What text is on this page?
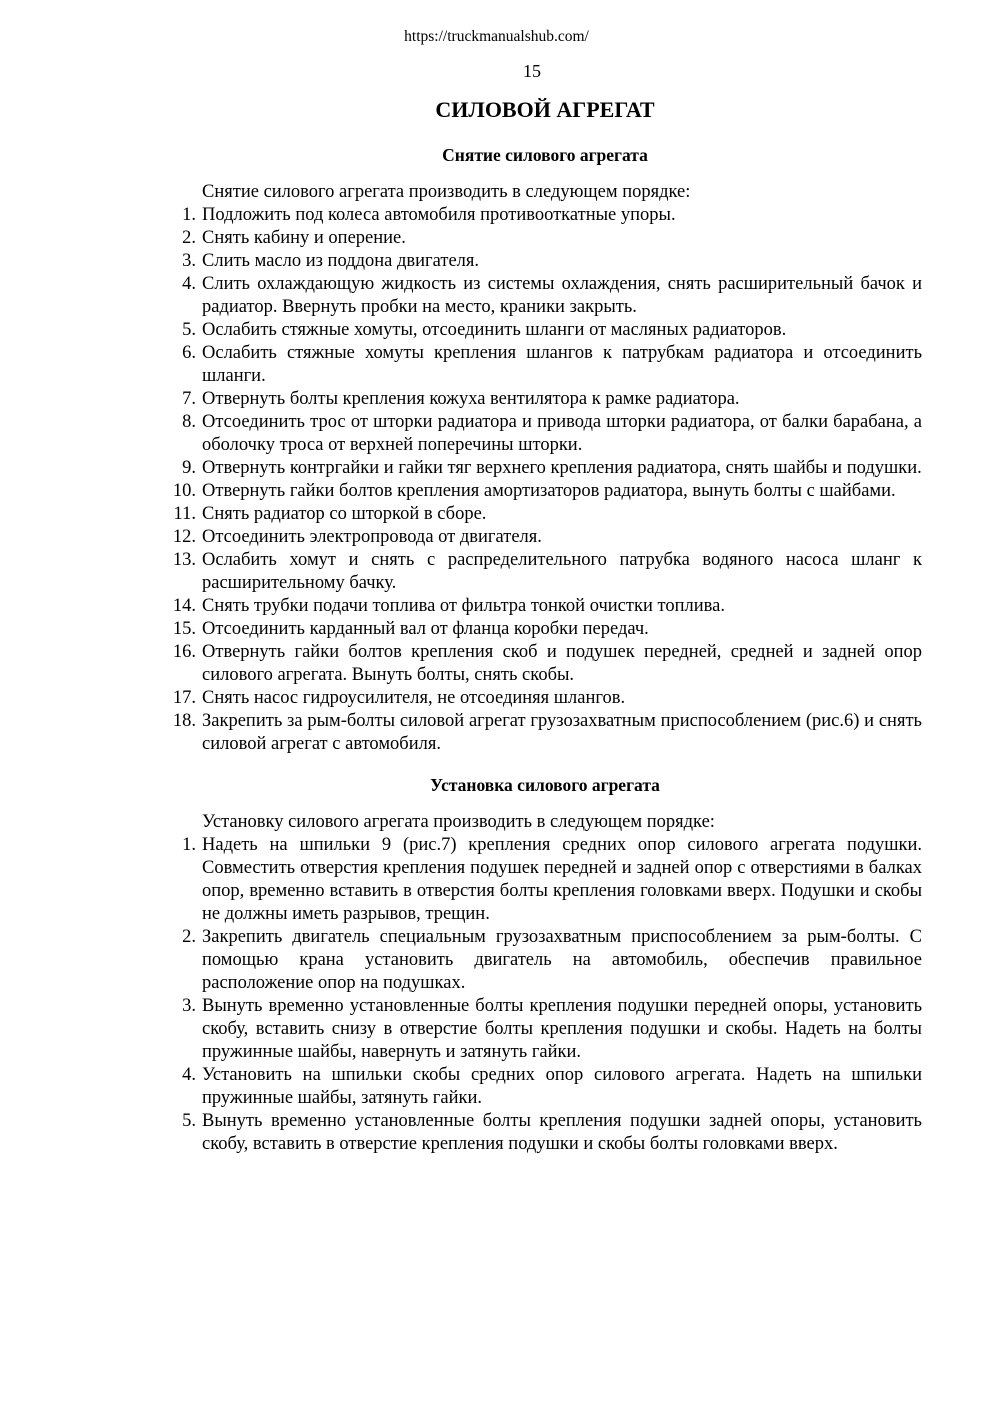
https://truckmanualshub.com/
15
СИЛОВОЙ АГРЕГАТ
Снятие силового агрегата

Снятие силового агрегата производить в следующем порядке:

1. Подложить под колеса автомобиля противооткатные упоры.
2. Снять кабину и оперение.
3. Слить масло из поддона двигателя.
4. Слить охлаждающую жидкость из системы охлаждения, снять расширительный бачок и радиатор. Ввернуть пробки на место, краники закрыть.
5. Ослабить стяжные хомуты, отсоединить шланги от масляных радиаторов.
6. Ослабить стяжные хомуты крепления шлангов к патрубкам радиатора и отсоединить шланги.
7. Отвернуть болты крепления кожуха вентилятора к рамке радиатора.
8. Отсоединить трос от шторки радиатора и привода шторки радиатора, от балки барабана, а оболочку троса от верхней поперечины шторки.
9. Отвернуть контргайки и гайки тяг верхнего крепления радиатора, снять шайбы и подушки.
10. Отвернуть гайки болтов крепления амортизаторов радиатора, вынуть болты с шайбами.
11. Снять радиатор со шторкой в сборе.
12. Отсоединить электропровода от двигателя.
13. Ослабить хомут и снять с распределительного патрубка водяного насоса шланг к расширительному бачку.
14. Снять трубки подачи топлива от фильтра тонкой очистки топлива.
15. Отсоединить карданный вал от фланца коробки передач.
16. Отвернуть гайки болтов крепления скоб и подушек передней, средней и задней опор силового агрегата. Вынуть болты, снять скобы.
17. Снять насос гидроусилителя, не отсоединяя шлангов.
18. Закрепить за рым-болты силовой агрегат грузозахватным приспособлением (рис.6) и снять силовой агрегат с автомобиля.
Установка силового агрегата

Установку силового агрегата производить в следующем порядке:

1. Надеть на шпильки 9 (рис.7) крепления средних опор силового агрегата подушки. Совместить отверстия крепления подушек передней и задней опор с отверстиями в балках опор, временно вставить в отверстия болты крепления головками вверх. Подушки и скобы не должны иметь разрывов, трещин.
2. Закрепить двигатель специальным грузозахватным приспособлением за рым-болты. С помощью крана установить двигатель на автомобиль, обеспечив правильное расположение опор на подушках.
3. Вынуть временно установленные болты крепления подушки передней опоры, установить скобу, вставить снизу в отверстие болты крепления подушки и скобы. Надеть на болты пружинные шайбы, навернуть и затянуть гайки.
4. Установить на шпильки скобы средних опор силового агрегата. Надеть на шпильки пружинные шайбы, затянуть гайки.
5. Вынуть временно установленные болты крепления подушки задней опоры, установить скобу, вставить в отверстие крепления подушки и скобы болты головками вверх.
